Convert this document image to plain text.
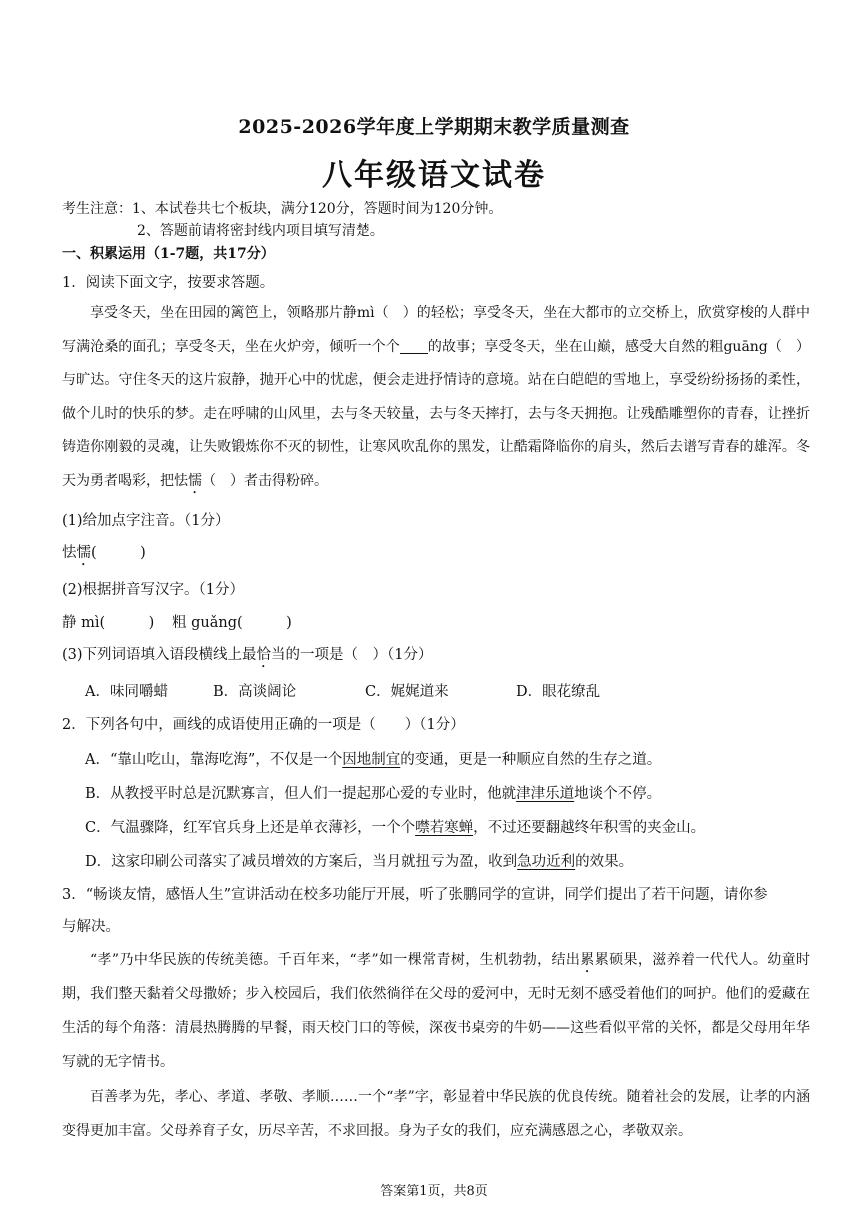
2025-2026学年度上学期期末教学质量测查
八年级语文试卷
考生注意：1、本试卷共七个板块，满分120分，答题时间为120分钟。
2、答题前请将密封线内项目填写清楚。
一、积累运用（1-7题，共17分）
1．阅读下面文字，按要求答题。
享受冬天，坐在田园的篱笆上，领略那片静mì（　）的轻松；享受冬天，坐在大都市的立交桥上，欣赏穿梭的人群中写满沧桑的面孔；享受冬天，坐在火炉旁，倾听一个个 的故事；享受冬天，坐在山巅，感受大自然的粗guāng（　）与旷达。守住冬天的这片寂静，抛开心中的忧虑，便会走进抒情诗的意境。站在白皑皑的雪地上，享受纷纷扬扬的柔性，做个儿时的快乐的梦。走在呼啸的山风里，去与冬天较量，去与冬天摔打，去与冬天拥抱。让残酷雕塑你的青春，让挫折铸造你刚毅的灵魂，让失败锻炼你不灭的韧性，让寒风吹乱你的黑发，让酷霜降临你的肩头，然后去谱写青春的雄浑。冬天为勇者喝彩，把怯懦（　）者击得粉碎。
(1)给加点字注音。（1分）
怯懦(　　　)
(2)根据拼音写汉字。（1分）
静 mì(　　　) 粗 guǎng(　　　)
(3)下列词语填入语段横线上最恰当的一项是（　）（1分）
A．味同嚼蜡	B．高谈阔论	C．娓娓道来	D．眼花缭乱
2．下列各句中，画线的成语使用正确的一项是（　　）（1分）
A．“靠山吃山，靠海吃海”，不仅是一个因地制宜的变通，更是一种顺应自然的生存之道。
B．从教授平时总是沉默寡言，但人们一提起那心爱的专业时，他就津津乐道地谈个不停。
C．气温骤降，红军官兵身上还是单衣薄衫，一个个噤若寒蝉，不过还要翻越终年积雪的夹金山。
D．这家印刷公司落实了减员增效的方案后，当月就扭亏为盈，收到急功近利的效果。
3．“畅谈友情，感悟人生”宣讲活动在校多功能厅开展，听了张鹏同学的宣讲，同学们提出了若干问题，请你参
与解决。
“孝”乃中华民族的传统美德。千百年来，“孝”如一棵常青树，生机勃勃，结出累累硕果，滋养着一代代人。幼童时期，我们整天黏着父母撒娇；步入校园后，我们依然徜徉在父母的爱河中，无时无刻不感受着他们的呵护。他们的爱藏在生活的每个角落：清晨热腾腾的早餐，雨天校门口的等候，深夜书桌旁的牛奶——这些看似平常的关怀，都是父母用年华写就的无字情书。
百善孝为先，孝心、孝道、孝敬、孝顺……一个“孝”字，彰显着中华民族的优良传统。随着社会的发展，让孝的内涵变得更加丰富。父母养育子女，历尽辛苦，不求回报。身为子女的我们，应充满感恩之心，孝敬双亲。
答案第1页，共8页
